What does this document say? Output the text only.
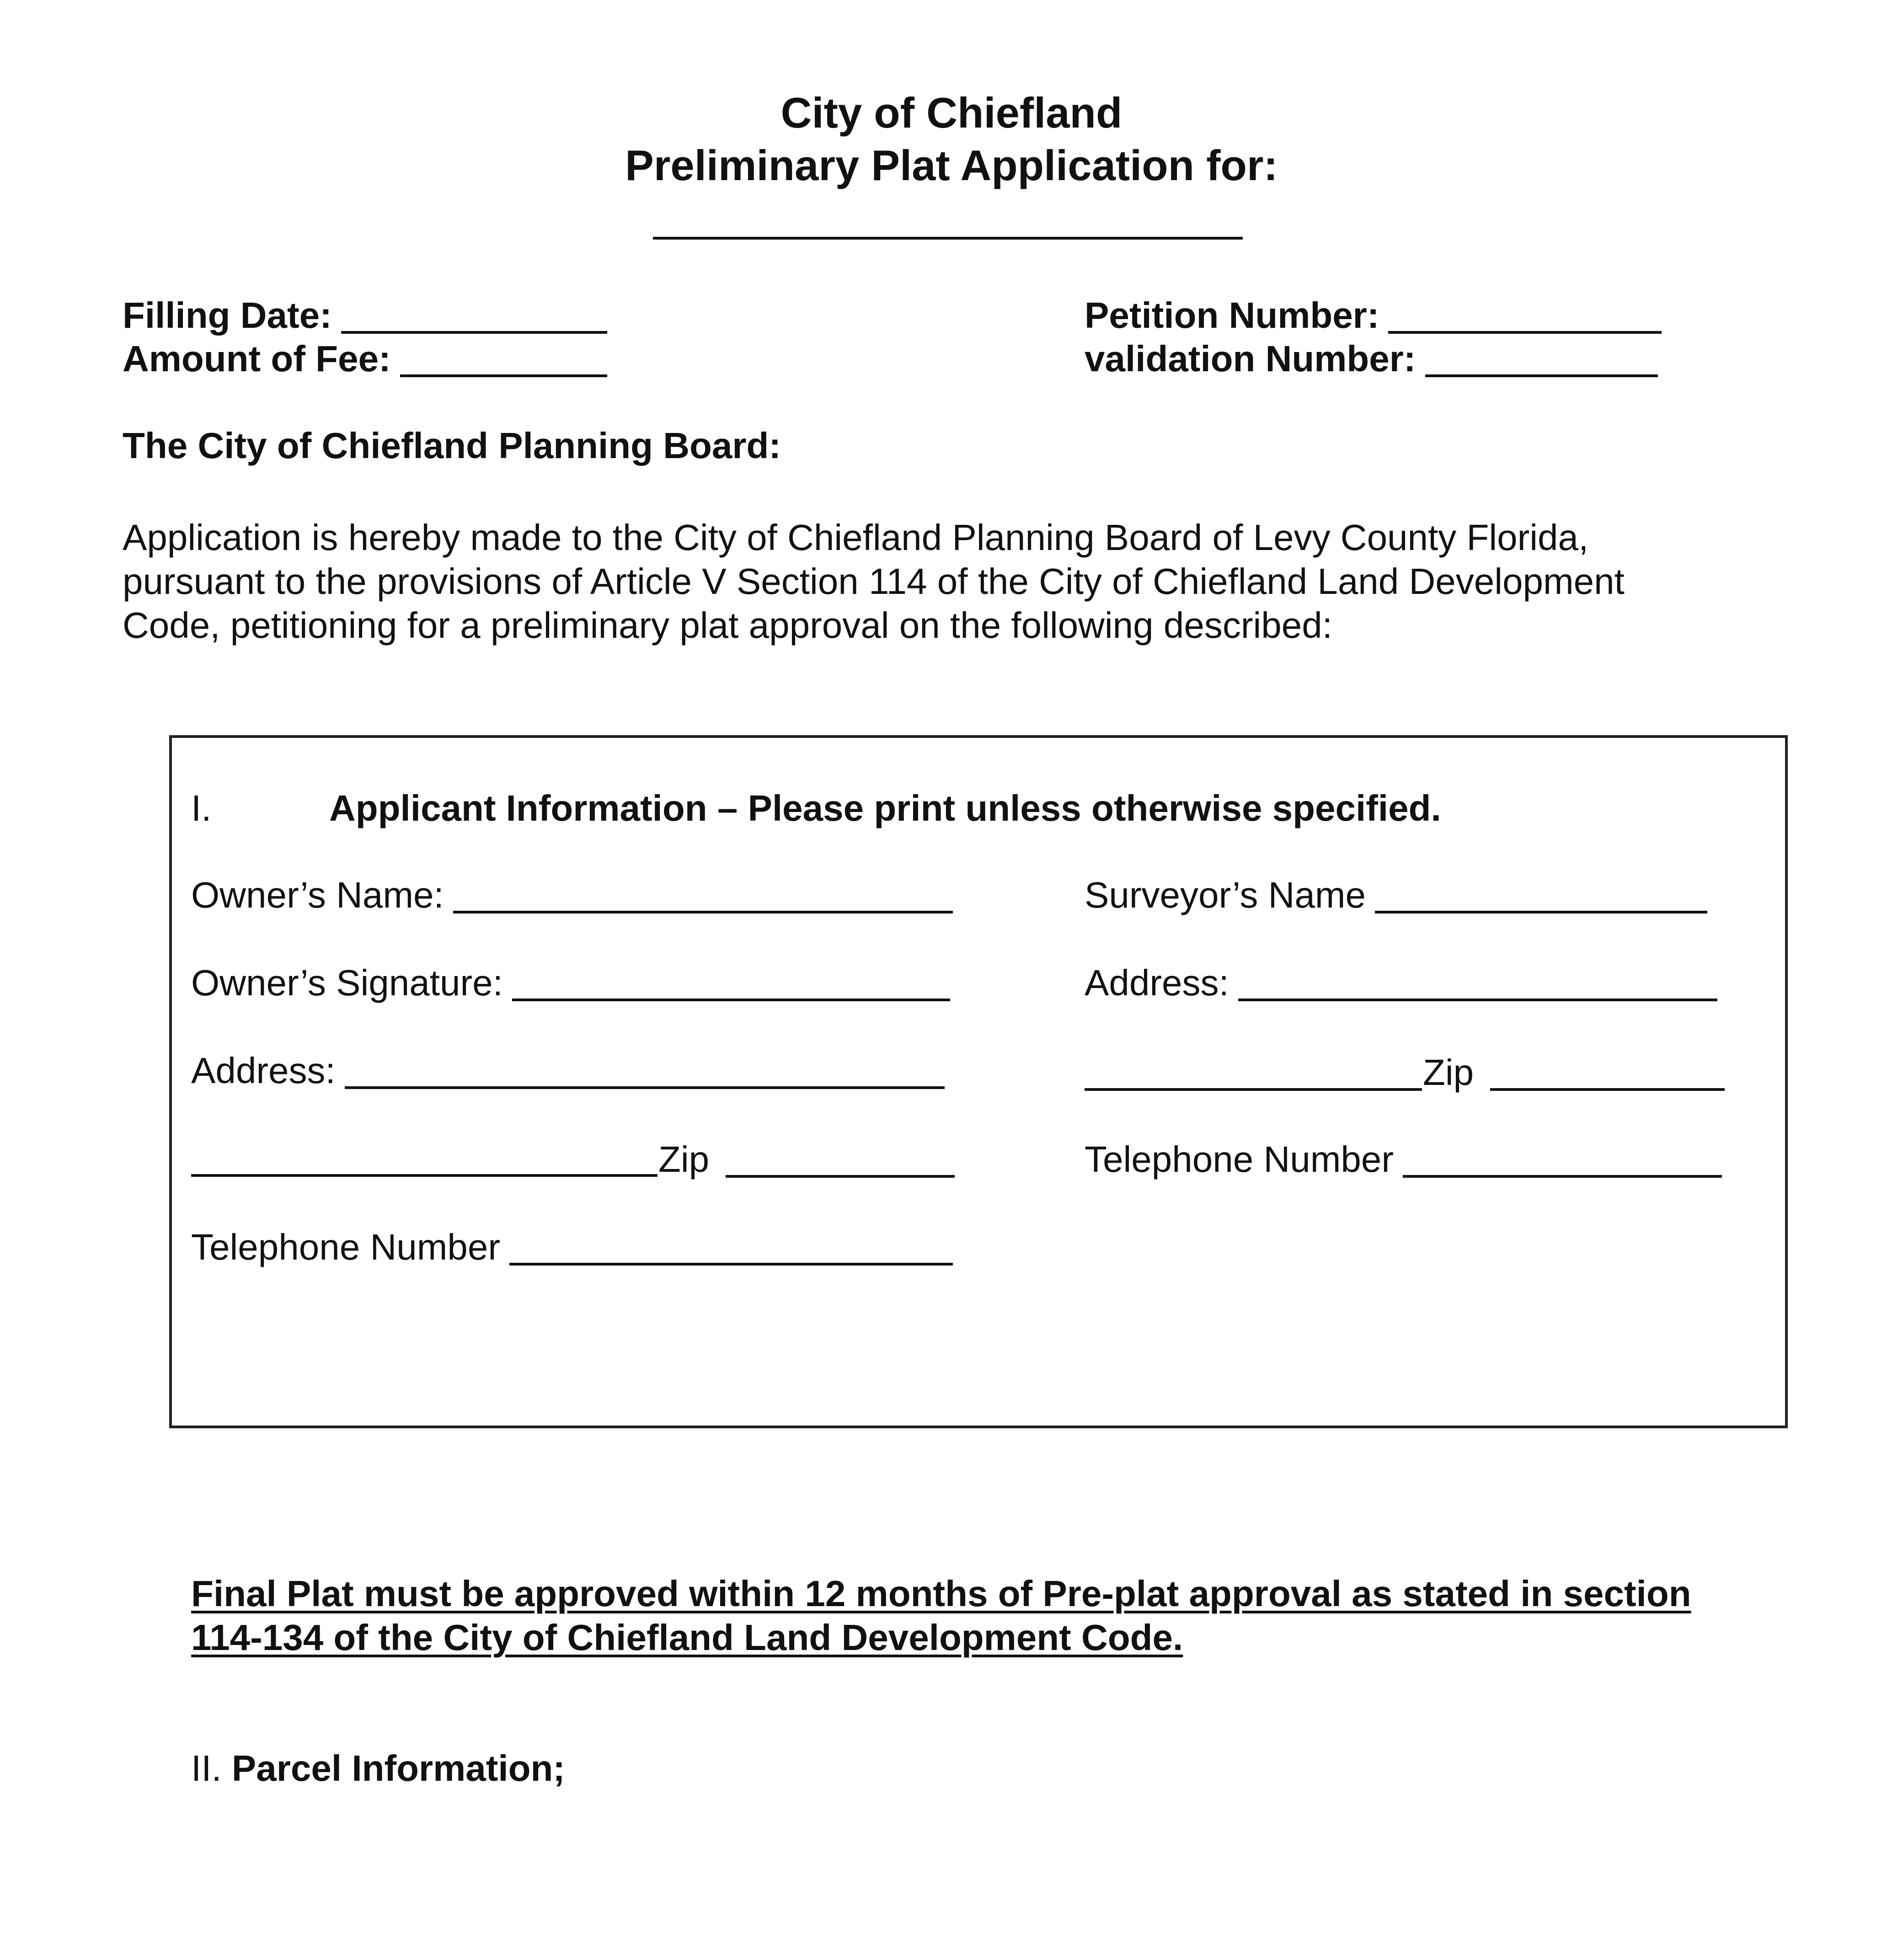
City of Chiefland
Preliminary Plat Application for:
Filling Date:
Amount of Fee:
Petition Number:
validation Number:
The City of Chiefland Planning Board:
Application is hereby made to the City of Chiefland Planning Board of Levy County Florida,
pursuant to the provisions of Article V Section 114 of the City of Chiefland Land Development
Code, petitioning for a preliminary plat approval on the following described:
I.	Applicant Information – Please print unless otherwise specified.
Owner’s Name:
Owner’s Signature:
Address:
Zip
Telephone Number
Surveyor’s Name
Address:
Zip
Telephone Number
Final Plat must be approved within 12 months of Pre-plat approval as stated in section
114-134 of the City of Chiefland Land Development Code.
II. Parcel Information;
